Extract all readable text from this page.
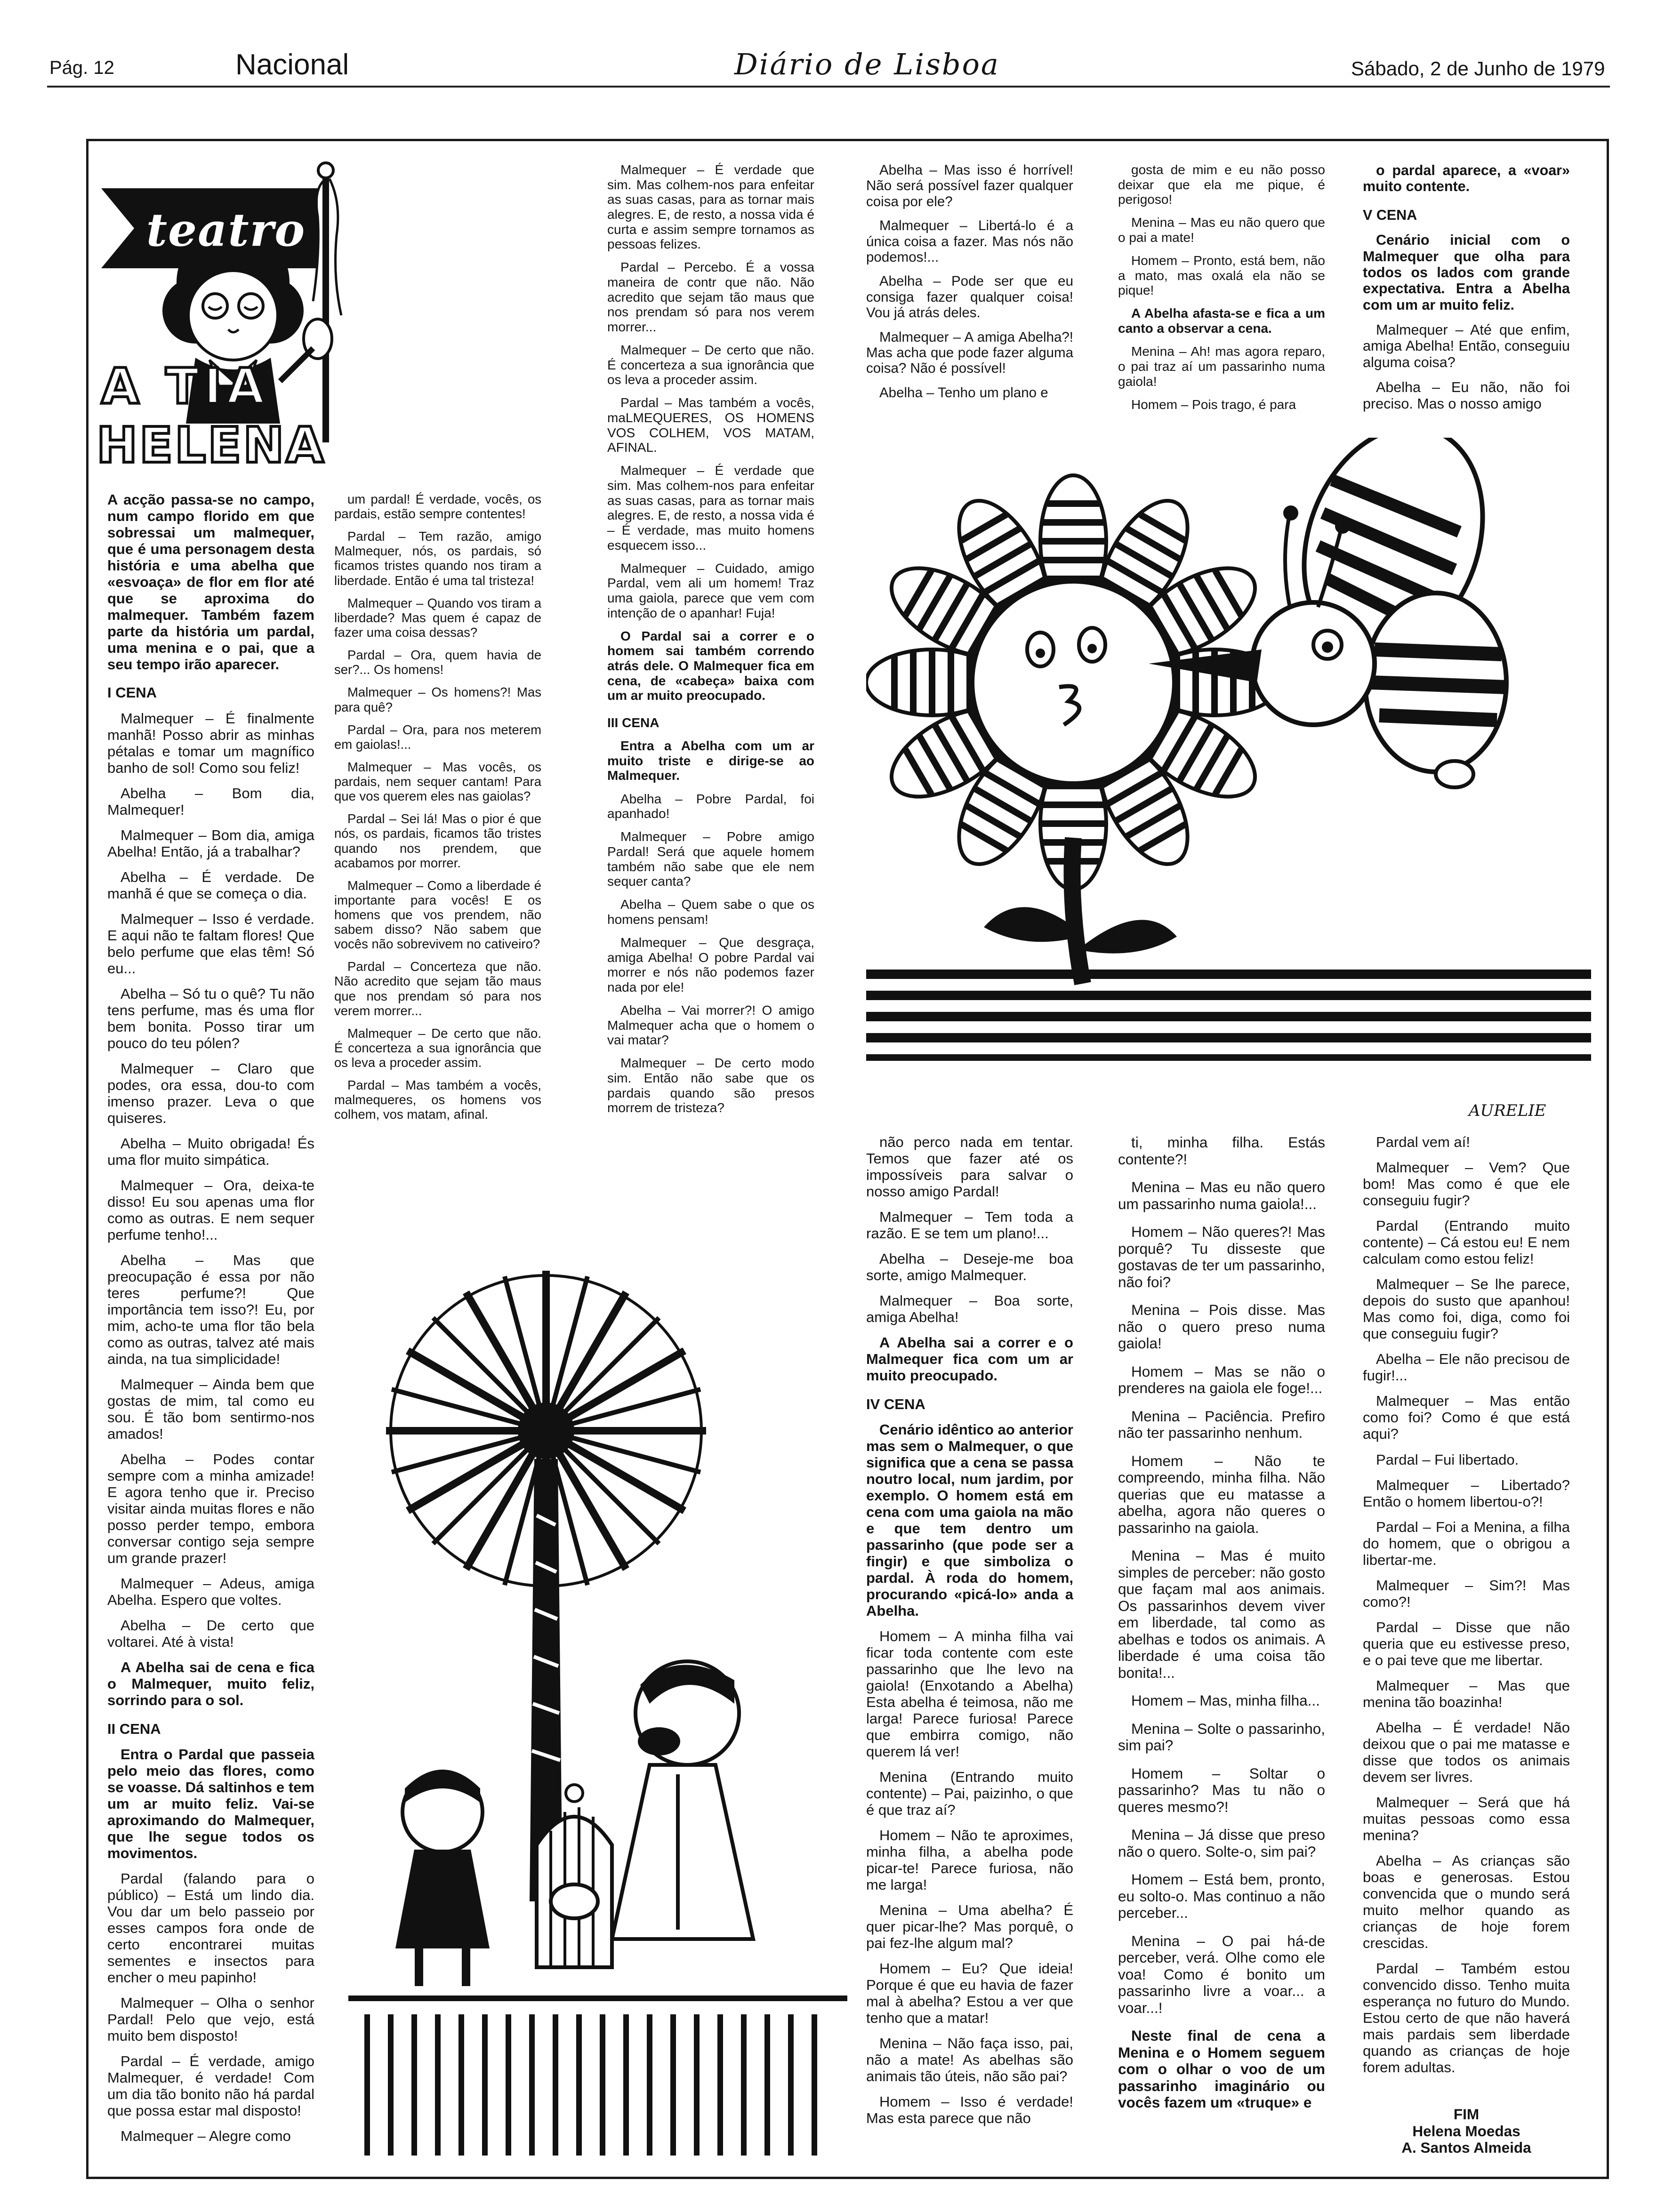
Pág. 12	Nacional	Diário de Lisboa	Sábado, 2 de Junho de 1979
teatro
A TIA
HELENA

A acção passa-se no campo, num campo florido em que sobressai um malmequer, que é uma personagem desta história e uma abelha que «esvoaça» de flor em flor até que se aproxima do malmequer. Também fazem parte da história um pardal, uma menina e o pai, que a seu tempo irão aparecer.

I CENA

Malmequer – É finalmente manhã! Posso abrir as minhas pétalas e tomar um magnífico banho de sol! Como sou feliz!

Abelha – Bom dia, Malmequer!

Malmequer – Bom dia, amiga Abelha! Então, já a trabalhar?

Abelha – É verdade. De manhã é que se começa o dia.

Malmequer – Isso é verdade. E aqui não te faltam flores! Que belo perfume que elas têm! Só eu...

Abelha – Só tu o quê? Tu não tens perfume, mas és uma flor bem bonita. Posso tirar um pouco do teu pólen?

Malmequer – Claro que podes, ora essa, dou-to com imenso prazer. Leva o que quiseres.

Abelha – Muito obrigada! És uma flor muito simpática.

Malmequer – Ora, deixa-te disso! Eu sou apenas uma flor como as outras. E nem sequer perfume tenho!...

Abelha – Mas que preocupação é essa por não teres perfume?! Que importância tem isso?! Eu, por mim, acho-te uma flor tão bela como as outras, talvez até mais ainda, na tua simplicidade!

Malmequer – Ainda bem que gostas de mim, tal como eu sou. É tão bom sentirmo-nos amados!

Abelha – Podes contar sempre com a minha amizade! E agora tenho que ir. Preciso visitar ainda muitas flores e não posso perder tempo, embora conversar contigo seja sempre um grande prazer!

Malmequer – Adeus, amiga Abelha. Espero que voltes.

Abelha – De certo que voltarei. Até à vista!

A Abelha sai de cena e fica o Malmequer, muito feliz, sorrindo para o sol.

II CENA

Entra o Pardal que passeia pelo meio das flores, como se voasse. Dá saltinhos e tem um ar muito feliz. Vai-se aproximando do Malmequer, que lhe segue todos os movimentos.

Pardal (falando para o público) – Está um lindo dia. Vou dar um belo passeio por esses campos fora onde de certo encontrarei muitas sementes e insectos para encher o meu papinho!

Malmequer – Olha o senhor Pardal! Pelo que vejo, está muito bem disposto!

Pardal – É verdade, amigo Malmequer, é verdade! Com um dia tão bonito não há pardal que possa estar mal disposto!

Malmequer – Alegre como

um pardal! É verdade, vocês, os pardais, estão sempre contentes!

Pardal – Tem razão, amigo Malmequer, nós, os pardais, só ficamos tristes quando nos tiram a liberdade. Então é uma tal tristeza!

Malmequer – Quando vos tiram a liberdade? Mas quem é capaz de fazer uma coisa dessas?

Pardal – Ora, quem havia de ser?... Os homens!

Malmequer – Os homens?! Mas para quê?

Pardal – Ora, para nos meterem em gaiolas!...

Malmequer – Mas vocês, os pardais, nem sequer cantam! Para que vos querem eles nas gaiolas?

Pardal – Sei lá! Mas o pior é que nós, os pardais, ficamos tão tristes quando nos prendem, que acabamos por morrer.

Malmequer – Como a liberdade é importante para vocês! E os homens que vos prendem, não sabem disso? Não sabem que vocês não sobrevivem no cativeiro?

Pardal – Concerteza que não. Não acredito que sejam tão maus que nos prendam só para nos verem morrer...

Malmequer – De certo que não. É concerteza a sua ignorância que os leva a proceder assim.

Pardal – Mas também a vocês, malmequeres, os homens vos colhem, vos matam, afinal.

Malmequer – É verdade que sim. Mas colhem-nos para enfeitar as suas casas, para as tornar mais alegres. E, de resto, a nossa vida é curta e assim sempre tornamos as pessoas felizes.

Pardal – Percebo. É a vossa maneira de contr que não. Não acredito que sejam tão maus que nos prendam só para nos verem morrer...

Malmequer – De certo que não. É concerteza a sua ignorância que os leva a proceder assim.

Pardal – Mas também a vocês, maLMEQUERES, OS HOMENS VOS COLHEM, VOS MATAM, AFINAL.

Malmequer – É verdade que sim. Mas colhem-nos para enfeitar as suas casas, para as tornar mais alegres. E, de resto, a nossa vida é – É verdade, mas muito homens esquecem isso...

Malmequer – Cuidado, amigo Pardal, vem ali um homem! Traz uma gaiola, parece que vem com intenção de o apanhar! Fuja!

O Pardal sai a correr e o homem sai também correndo atrás dele. O Malmequer fica em cena, de «cabeça» baixa com um ar muito preocupado.

III CENA

Entra a Abelha com um ar muito triste e dirige-se ao Malmequer.

Abelha – Pobre Pardal, foi apanhado!

Malmequer – Pobre amigo Pardal! Será que aquele homem também não sabe que ele nem sequer canta?

Abelha – Quem sabe o que os homens pensam!

Malmequer – Que desgraça, amiga Abelha! O pobre Pardal vai morrer e nós não podemos fazer nada por ele!

Abelha – Vai morrer?! O amigo Malmequer acha que o homem o vai matar?

Malmequer – De certo modo sim. Então não sabe que os pardais quando são presos morrem de tristeza?

Abelha – Mas isso é horrível! Não será possível fazer qualquer coisa por ele?

Malmequer – Libertá-lo é a única coisa a fazer. Mas nós não podemos!...

Abelha – Pode ser que eu consiga fazer qualquer coisa! Vou já atrás deles.

Malmequer – A amiga Abelha?! Mas acha que pode fazer alguma coisa? Não é possível!

Abelha – Tenho um plano e

gosta de mim e eu não posso deixar que ela me pique, é perigoso!

Menina – Mas eu não quero que o pai a mate!

Homem – Pronto, está bem, não a mato, mas oxalá ela não se pique!

A Abelha afasta-se e fica a um canto a observar a cena.

Menina – Ah! mas agora reparo, o pai traz aí um passarinho numa gaiola!

Homem – Pois trago, é para

o pardal aparece, a «voar» muito contente.

V CENA

Cenário inicial com o Malmequer que olha para todos os lados com grande expectativa. Entra a Abelha com um ar muito feliz.

Malmequer – Até que enfim, amiga Abelha! Então, conseguiu alguma coisa?

Abelha – Eu não, não foi preciso. Mas o nosso amigo

AURELIE

não perco nada em tentar. Temos que fazer até os impossíveis para salvar o nosso amigo Pardal!

Malmequer – Tem toda a razão. E se tem um plano!...

Abelha – Deseje-me boa sorte, amigo Malmequer.

Malmequer – Boa sorte, amiga Abelha!

A Abelha sai a correr e o Malmequer fica com um ar muito preocupado.

IV CENA

Cenário idêntico ao anterior mas sem o Malmequer, o que significa que a cena se passa noutro local, num jardim, por exemplo. O homem está em cena com uma gaiola na mão e que tem dentro um passarinho (que pode ser a fingir) e que simboliza o pardal. À roda do homem, procurando «picá-lo» anda a Abelha.

Homem – A minha filha vai ficar toda contente com este passarinho que lhe levo na gaiola! (Enxotando a Abelha) Esta abelha é teimosa, não me larga! Parece furiosa! Parece que embirra comigo, não querem lá ver!

Menina (Entrando muito contente) – Pai, paizinho, o que é que traz aí?

Homem – Não te aproximes, minha filha, a abelha pode picar-te! Parece furiosa, não me larga!

Menina – Uma abelha? É quer picar-lhe? Mas porquê, o pai fez-lhe algum mal?

Homem – Eu? Que ideia! Porque é que eu havia de fazer mal à abelha? Estou a ver que tenho que a matar!

Menina – Não faça isso, pai, não a mate! As abelhas são animais tão úteis, não são pai?

Homem – Isso é verdade! Mas esta parece que não

ti, minha filha. Estás contente?!

Menina – Mas eu não quero um passarinho numa gaiola!...

Homem – Não queres?! Mas porquê? Tu disseste que gostavas de ter um passarinho, não foi?

Menina – Pois disse. Mas não o quero preso numa gaiola!

Homem – Mas se não o prenderes na gaiola ele foge!...

Menina – Paciência. Prefiro não ter passarinho nenhum.

Homem – Não te compreendo, minha filha. Não querias que eu matasse a abelha, agora não queres o passarinho na gaiola.

Menina – Mas é muito simples de perceber: não gosto que façam mal aos animais. Os passarinhos devem viver em liberdade, tal como as abelhas e todos os animais. A liberdade é uma coisa tão bonita!...

Homem – Mas, minha filha...

Menina – Solte o passarinho, sim pai?

Homem – Soltar o passarinho? Mas tu não o queres mesmo?!

Menina – Já disse que preso não o quero. Solte-o, sim pai?

Homem – Está bem, pronto, eu solto-o. Mas continuo a não perceber...

Menina – O pai há-de perceber, verá. Olhe como ele voa! Como é bonito um passarinho livre a voar... a voar...!

Neste final de cena a Menina e o Homem seguem com o olhar o voo de um passarinho imaginário ou vocês fazem um «truque» e

Pardal vem aí!

Malmequer – Vem? Que bom! Mas como é que ele conseguiu fugir?

Pardal (Entrando muito contente) – Cá estou eu! E nem calculam como estou feliz!

Malmequer – Se lhe parece, depois do susto que apanhou! Mas como foi, diga, como foi que conseguiu fugir?

Abelha – Ele não precisou de fugir!...

Malmequer – Mas então como foi? Como é que está aqui?

Pardal – Fui libertado.

Malmequer – Libertado? Então o homem libertou-o?!

Pardal – Foi a Menina, a filha do homem, que o obrigou a libertar-me.

Malmequer – Sim?! Mas como?!

Pardal – Disse que não queria que eu estivesse preso, e o pai teve que me libertar.

Malmequer – Mas que menina tão boazinha!

Abelha – É verdade! Não deixou que o pai me matasse e disse que todos os animais devem ser livres.

Malmequer – Será que há muitas pessoas como essa menina?

Abelha – As crianças são boas e generosas. Estou convencida que o mundo será muito melhor quando as crianças de hoje forem crescidas.

Pardal – Também estou convencido disso. Tenho muita esperança no futuro do Mundo. Estou certo de que não haverá mais pardais sem liberdade quando as crianças de hoje forem adultas.

FIM

Helena Moedas

A. Santos Almeida
